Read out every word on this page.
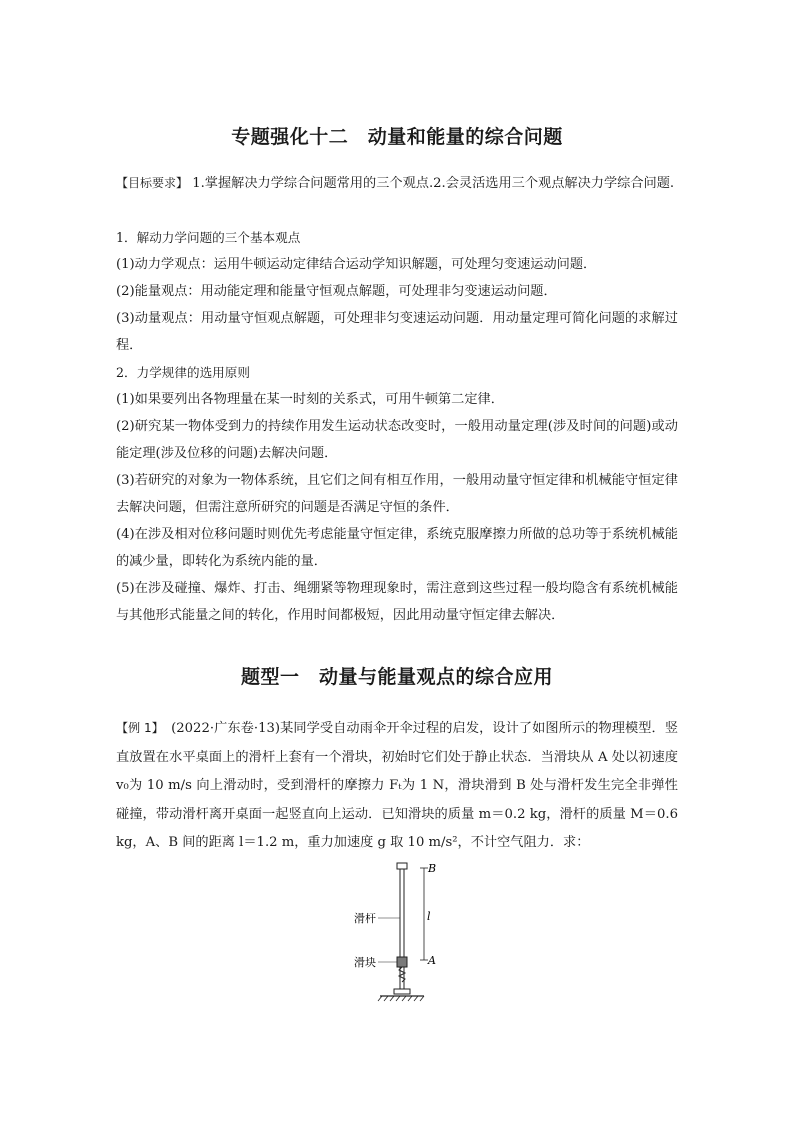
专题强化十二　动量和能量的综合问题

【目标要求】 1.掌握解决力学综合问题常用的三个观点.2.会灵活选用三个观点解决力学综合问题.

1．解动力学问题的三个基本观点

(1)动力学观点：运用牛顿运动定律结合运动学知识解题，可处理匀变速运动问题．

(2)能量观点：用动能定理和能量守恒观点解题，可处理非匀变速运动问题．

(3)动量观点：用动量守恒观点解题，可处理非匀变速运动问题．用动量定理可简化问题的求解过程．

2．力学规律的选用原则

(1)如果要列出各物理量在某一时刻的关系式，可用牛顿第二定律．

(2)研究某一物体受到力的持续作用发生运动状态改变时，一般用动量定理(涉及时间的问题)或动能定理(涉及位移的问题)去解决问题．

(3)若研究的对象为一物体系统，且它们之间有相互作用，一般用动量守恒定律和机械能守恒定律去解决问题，但需注意所研究的问题是否满足守恒的条件．

(4)在涉及相对位移问题时则优先考虑能量守恒定律，系统克服摩擦力所做的总功等于系统机械能的减少量，即转化为系统内能的量．

(5)在涉及碰撞、爆炸、打击、绳绷紧等物理现象时，需注意到这些过程一般均隐含有系统机械能与其他形式能量之间的转化，作用时间都极短，因此用动量守恒定律去解决．

题型一　动量与能量观点的综合应用

【例 1】　(2022·广东卷·13)某同学受自动雨伞开伞过程的启发，设计了如图所示的物理模型．竖直放置在水平桌面上的滑杆上套有一个滑块，初始时它们处于静止状态．当滑块从 A 处以初速度 v₀为 10 m/s 向上滑动时，受到滑杆的摩擦力 Fₜ为 1 N，滑块滑到 B 处与滑杆发生完全非弹性碰撞，带动滑杆离开桌面一起竖直向上运动．已知滑块的质量 m＝0.2 kg，滑杆的质量 M＝0.6 kg，A、B 间的距离 l＝1.2 m，重力加速度 g 取 10 m/s²，不计空气阻力．求：

B
A
l
滑杆
滑块
